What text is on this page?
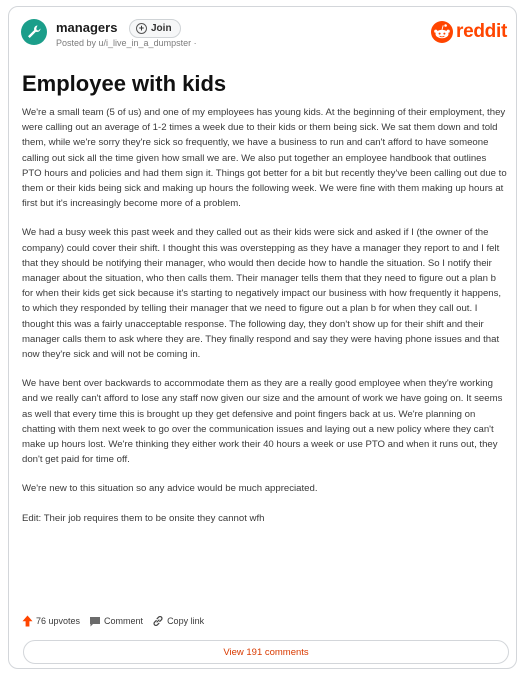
managers	+ Join
Posted by u/i_live_in_a_dumpster ·
reddit
Employee with kids

We're a small team (5 of us) and one of my employees has young kids. At the beginning of their employment, they were calling out an average of 1-2 times a week due to their kids or them being sick. We sat them down and told them, while we're sorry they're sick so frequently, we have a business to run and can't afford to have someone calling out sick all the time given how small we are. We also put together an employee handbook that outlines PTO hours and policies and had them sign it. Things got better for a bit but recently they've been calling out due to them or their kids being sick and making up hours the following week. We were fine with them making up hours at first but it's increasingly become more of a problem.

We had a busy week this past week and they called out as their kids were sick and asked if I (the owner of the company) could cover their shift. I thought this was overstepping as they have a manager they report to and I felt that they should be notifying their manager, who would then decide how to handle the situation. So I notify their manager about the situation, who then calls them. Their manager tells them that they need to figure out a plan b for when their kids get sick because it's starting to negatively impact our business with how frequently it happens, to which they responded by telling their manager that we need to figure out a plan b for when they call out. I thought this was a fairly unacceptable response. The following day, they don't show up for their shift and their manager calls them to ask where they are. They finally respond and say they were having phone issues and that now they're sick and will not be coming in.

We have bent over backwards to accommodate them as they are a really good employee when they're working and we really can't afford to lose any staff now given our size and the amount of work we have going on. It seems as well that every time this is brought up they get defensive and point fingers back at us. We're planning on chatting with them next week to go over the communication issues and laying out a new policy where they can't make up hours lost. We're thinking they either work their 40 hours a week or use PTO and when it runs out, they don't get paid for time off.

We're new to this situation so any advice would be much appreciated.

Edit: Their job requires them to be onsite they cannot wfh

76 upvotes	Comment	Copy link
View 191 comments
